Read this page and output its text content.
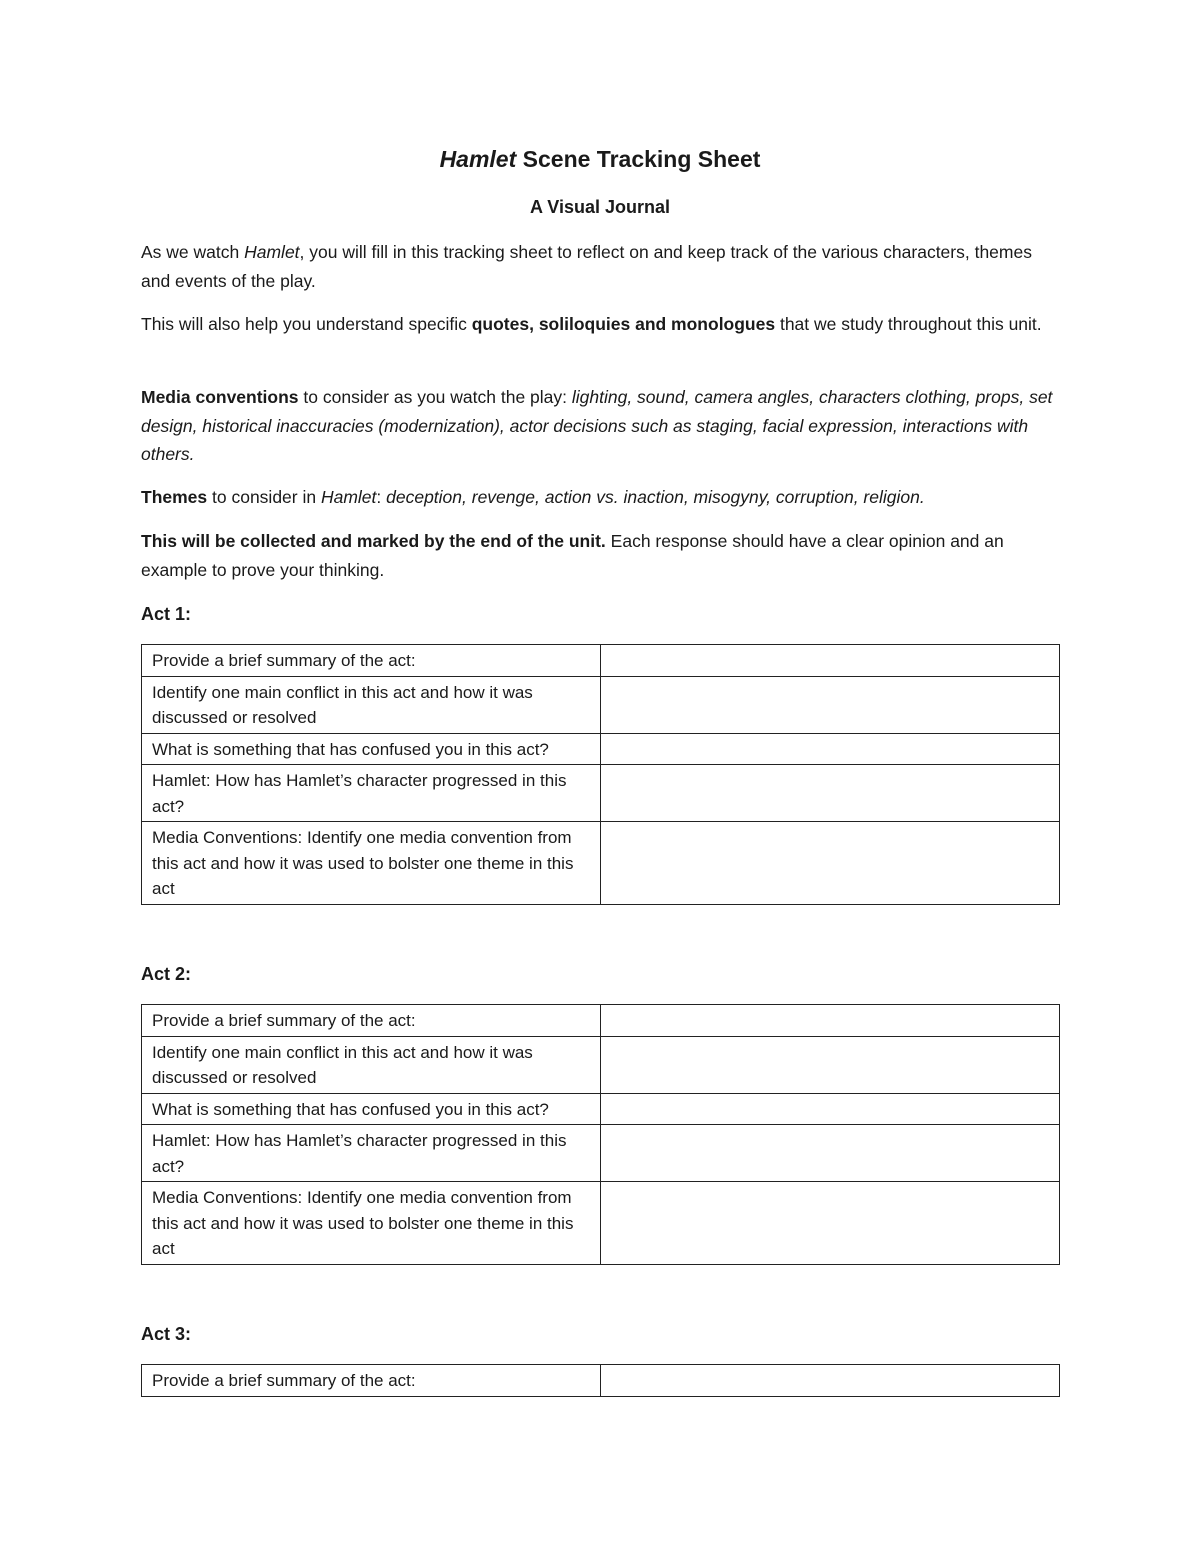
Hamlet Scene Tracking Sheet
A Visual Journal

As we watch Hamlet, you will fill in this tracking sheet to reflect on and keep track of the various characters, themes and events of the play.

This will also help you understand specific quotes, soliloquies and monologues that we study throughout this unit.

Media conventions to consider as you watch the play: lighting, sound, camera angles, characters clothing, props, set design, historical inaccuracies (modernization), actor decisions such as staging, facial expression, interactions with others.

Themes to consider in Hamlet: deception, revenge, action vs. inaction, misogyny, corruption, religion.

This will be collected and marked by the end of the unit. Each response should have a clear opinion and an example to prove your thinking.

Act 1:
Provide a brief summary of the act:	
Identify one main conflict in this act and how it was discussed or resolved	
What is something that has confused you in this act?	
Hamlet: How has Hamlet’s character progressed in this act?	
Media Conventions: Identify one media convention from this act and how it was used to bolster one theme in this act	
Act 2:
Provide a brief summary of the act:	
Identify one main conflict in this act and how it was discussed or resolved	
What is something that has confused you in this act?	
Hamlet: How has Hamlet’s character progressed in this act?	
Media Conventions: Identify one media convention from this act and how it was used to bolster one theme in this act	
Act 3:
Provide a brief summary of the act:	
